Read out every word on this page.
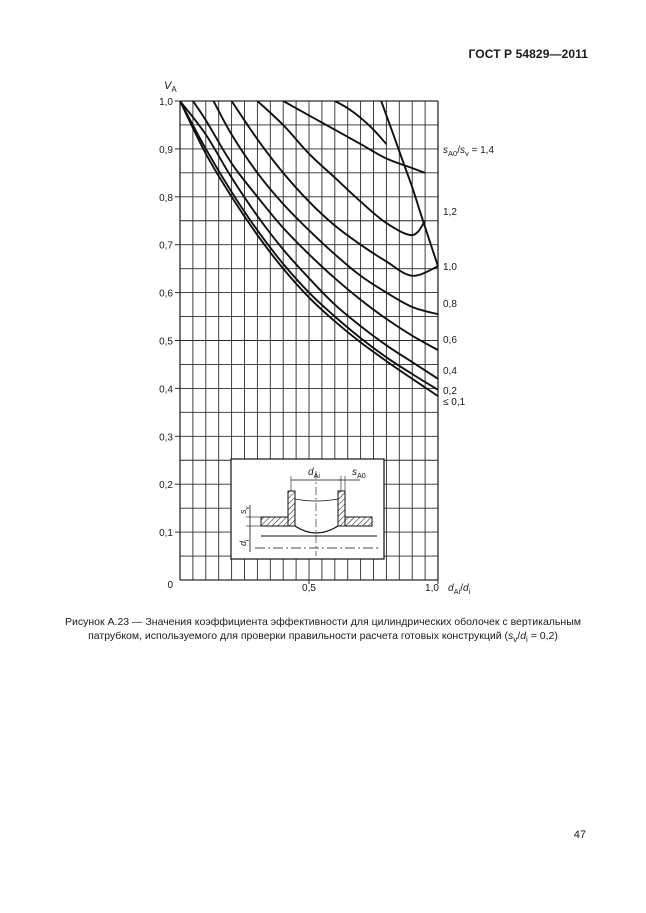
ГОСТ Р 54829—2011
$d_{Ai}$	$s_{A0}$
$s_v$
$d_i$
0,1
0,2
0,3
0,4
0,5
0,6
0,7
0,8
0,9
1,0
0	0,5	1,0
$V_A$
$d_{Ai}/d_i$
≤ 0,1
0,2
0,4
0,6
0,8
1,0
1,2
$s_{A0}/s_v = 1,4$
Рисунок А.23 — Значения коэффициента эффективности для цилиндрических оболочек с вертикальным
патрубком, используемого для проверки правильности расчета готовых конструкций $(s_v/d_i = 0,2)$
47
